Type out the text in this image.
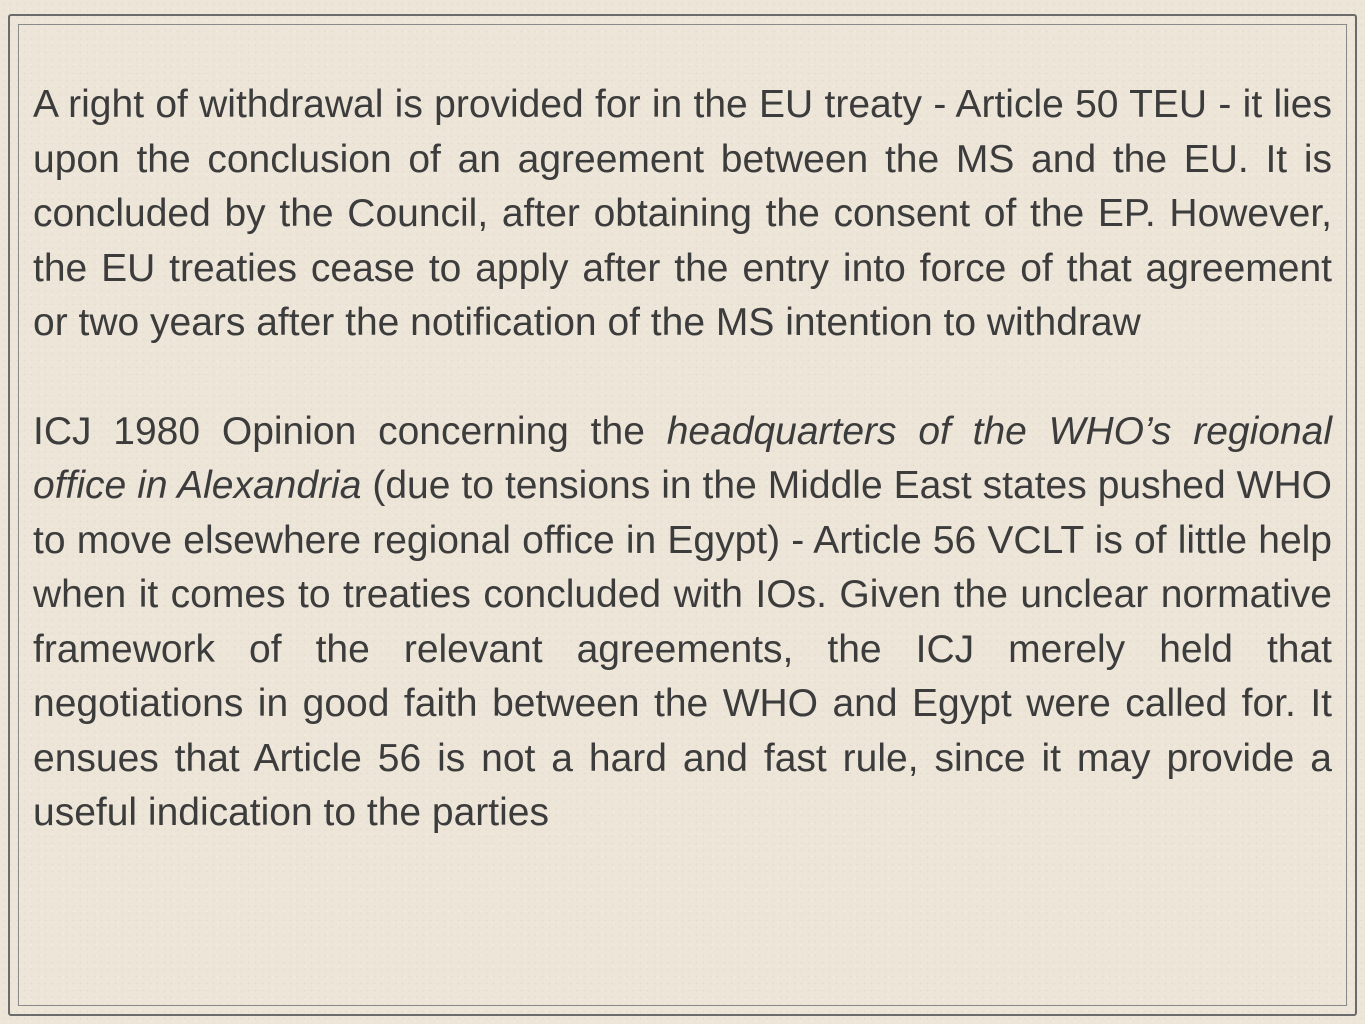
A right of withdrawal is provided for in the EU treaty - Article 50 TEU - it lies upon the conclusion of an agreement between the MS and the EU. It is concluded by the Council, after obtaining the consent of the EP. However, the EU treaties cease to apply after the entry into force of that agreement or two years after the notification of the MS intention to withdraw

ICJ 1980 Opinion concerning the headquarters of the WHO’s regional office in Alexandria (due to tensions in the Middle East states pushed WHO to move elsewhere regional office in Egypt) - Article 56 VCLT is of little help when it comes to treaties concluded with IOs. Given the unclear normative framework of the relevant agreements, the ICJ merely held that negotiations in good faith between the WHO and Egypt were called for. It ensues that Article 56 is not a hard and fast rule, since it may provide a useful indication to the parties
